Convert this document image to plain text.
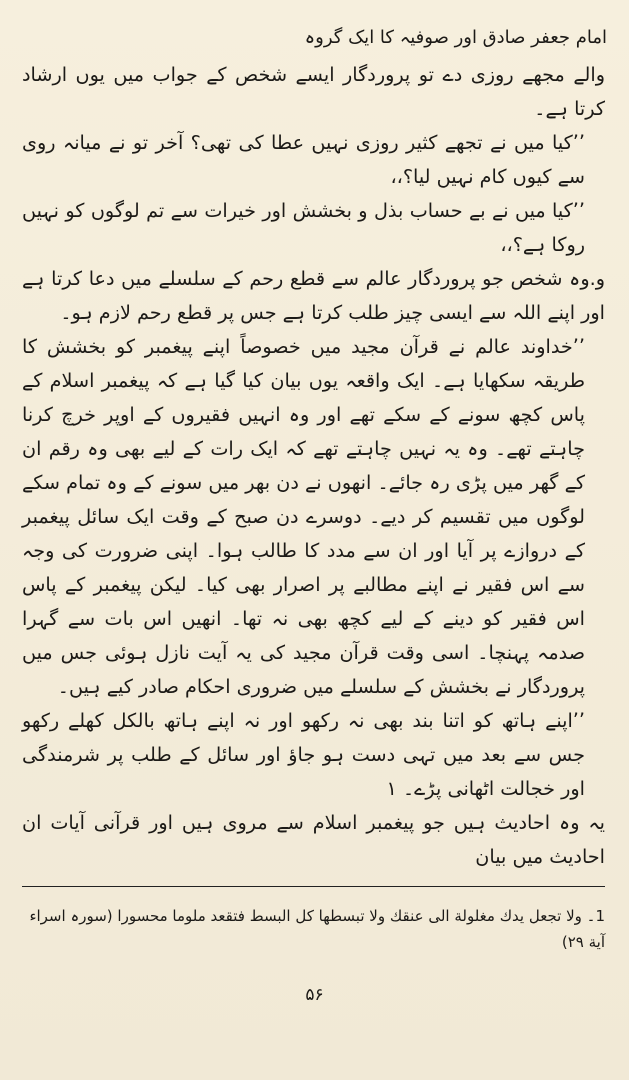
امام جعفر صادق اور صوفیہ کا ایک گروہ

والے مجھے روزی دے تو پروردگار ایسے شخص کے جواب میں یوں ارشاد کرتا ہے۔

’’کیا میں نے تجھے کثیر روزی نہیں عطا کی تھی؟ آخر تو نے میانہ روی سے کیوں کام نہیں لیا؟،،

’’کیا میں نے بے حساب بذل و بخشش اور خیرات سے تم لوگوں کو نہیں روکا ہے؟،،

و.وہ شخص جو پروردگار عالم سے قطع رحم کے سلسلے میں دعا کرتا ہے اور اپنے اللہ سے ایسی چیز طلب کرتا ہے جس پر قطع رحم لازم ہو۔

’’خداوند عالم نے قرآن مجید میں خصوصاً اپنے پیغمبر کو بخشش کا طریقہ سکھایا ہے۔ ایک واقعہ یوں بیان کیا گیا ہے کہ پیغمبر اسلام کے پاس کچھ سونے کے سکے تھے اور وہ انہیں فقیروں کے اوپر خرچ کرنا چاہتے تھے۔ وہ یہ نہیں چاہتے تھے کہ ایک رات کے لیے بھی وہ رقم ان کے گھر میں پڑی رہ جائے۔ انھوں نے دن بھر میں سونے کے وہ تمام سکے لوگوں میں تقسیم کر دیے۔ دوسرے دن صبح کے وقت ایک سائل پیغمبر کے دروازے پر آیا اور ان سے مدد کا طالب ہوا۔ اپنی ضرورت کی وجہ سے اس فقیر نے اپنے مطالبے پر اصرار بھی کیا۔ لیکن پیغمبر کے پاس اس فقیر کو دینے کے لیے کچھ بھی نہ تھا۔ انھیں اس بات سے گہرا صدمہ پہنچا۔ اسی وقت قرآن مجید کی یہ آیت نازل ہوئی جس میں پروردگار نے بخشش کے سلسلے میں ضروری احکام صادر کیے ہیں۔

’’اپنے ہاتھ کو اتنا بند بھی نہ رکھو اور نہ اپنے ہاتھ بالکل کھلے رکھو جس سے بعد میں تہی دست ہو جاؤ اور سائل کے طلب پر شرمندگی اور خجالت اٹھانی پڑے۔ ۱

یہ وہ احادیث ہیں جو پیغمبر اسلام سے مروی ہیں اور قرآنی آیات ان احادیث میں بیان

1۔ ولا تجعل یدك مغلولة الى عنقك ولا تبسطها كل البسط فتقعد ملوما محسورا (سورہ اسراء آیة ۲۹)
۵۶
